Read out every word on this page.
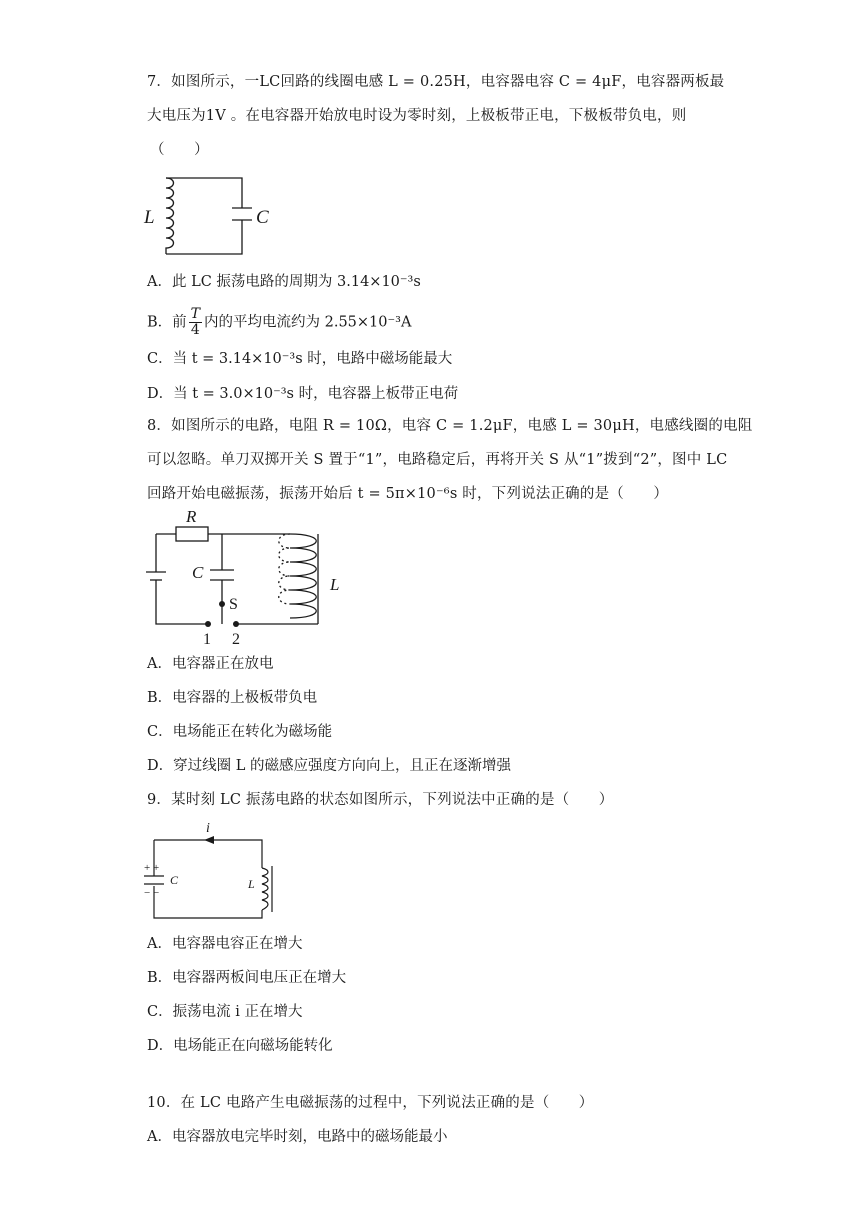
7．如图所示，一LC回路的线圈电感 L = 0.25H，电容器电容 C = 4μF，电容器两板最
大电压为1V 。在电容器开始放电时设为零时刻，上极板带正电，下极板带负电，则
（　　）
L	C
A．此 LC 振荡电路的周期为 3.14×10⁻³s
B．前 $\frac{T}{4}$ 内的平均电流约为 2.55×10⁻³A
C．当 t = 3.14×10⁻³s 时，电路中磁场能最大
D．当 t = 3.0×10⁻³s 时，电容器上板带正电荷
8．如图所示的电路，电阻 R = 10Ω，电容 C = 1.2μF，电感 L = 30μH，电感线圈的电阻
可以忽略。单刀双掷开关 S 置于“1”，电路稳定后，再将开关 S 从“1”拨到“2”，图中 LC
回路开始电磁振荡，振荡开始后 t = 5π×10⁻⁶s 时，下列说法正确的是（　　）
R
C
S
L
1 2
A．电容器正在放电
B．电容器的上极板带负电
C．电场能正在转化为磁场能
D．穿过线圈 L 的磁感应强度方向向上，且正在逐渐增强
9．某时刻 LC 振荡电路的状态如图所示，下列说法中正确的是（　　）
i
+ +
− −
C	L
A．电容器电容正在增大
B．电容器两板间电压正在增大
C．振荡电流 i 正在增大
D．电场能正在向磁场能转化
10．在 LC 电路产生电磁振荡的过程中，下列说法正确的是（　　）
A．电容器放电完毕时刻，电路中的磁场能最小
